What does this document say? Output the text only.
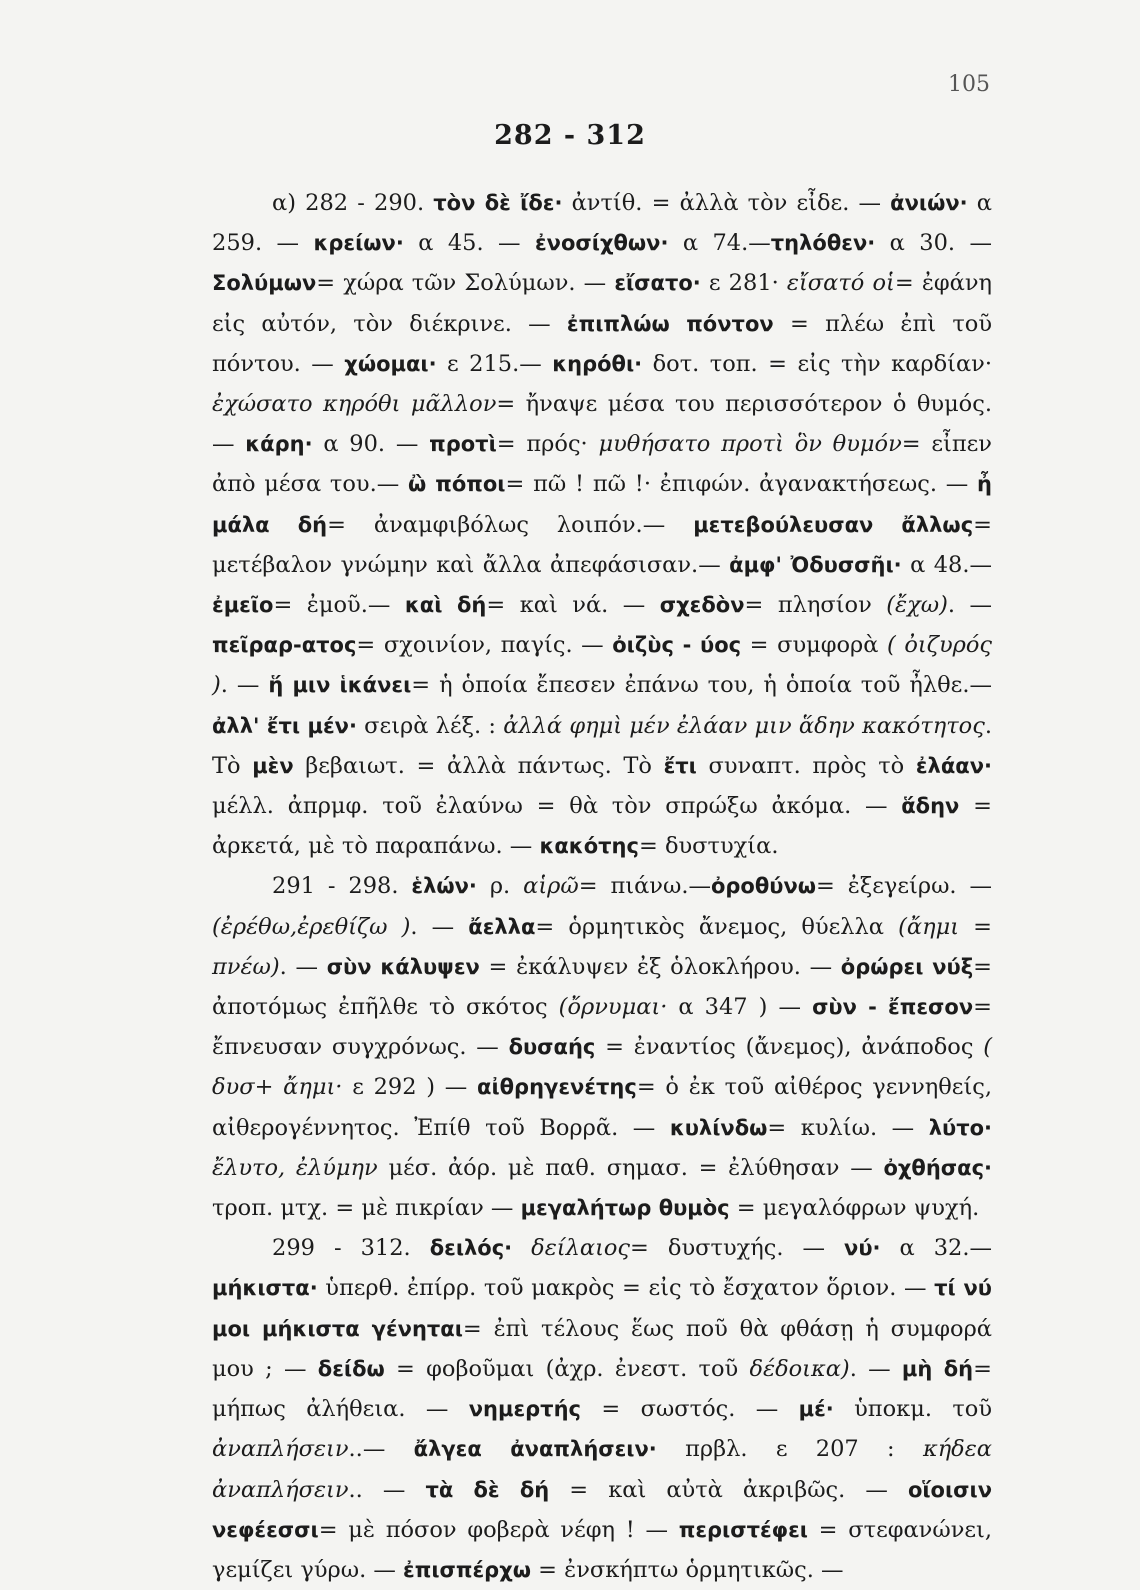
105
282 - 312

α) 282 - 290. τὸν δὲ ἴδε· ἀντίθ. = ἀλλὰ τὸν εἶδε. — ἀνιών· α 259. — κρείων· α 45. — ἐνοσίχθων· α 74.—τηλόθεν· α 30. — Σολύμων= χώρα τῶν Σολύμων. — εἴσατο· ε 281· εἴσατό οἱ= ἐφάνη εἰς αὐτόν, τὸν διέκρινε. — ἐπιπλώω πόντον = πλέω ἐπὶ τοῦ πόντου. — χώομαι· ε 215.— κηρόθι· δοτ. τοπ. = εἰς τὴν καρδίαν· ἐχώσατο κηρόθι μᾶλλον= ἤναψε μέσα του περισσότερον ὁ θυμός. — κάρη· α 90. — προτὶ= πρός· μυθήσατο προτὶ ὃν θυμόν= εἶπεν ἀπὸ μέσα του.— ὢ πόποι= πῶ ! πῶ !· ἐπιφών. ἀγανακτήσεως. — ἦ μάλα δή= ἀναμφιβόλως λοιπόν.— μετεβούλευσαν ἄλλως= μετέβαλον γνώμην καὶ ἄλλα ἀπεφάσισαν.— ἀμφ' Ὀδυσσῆι· α 48.— ἐμεῖο= ἐμοῦ.— καὶ δή= καὶ νά. — σχεδὸν= πλησίον (ἔχω). — πεῖραρ-ατος= σχοινίον, παγίς. — ὀιζὺς - ύος = συμφορὰ ( ὀιζυρός ). — ἥ μιν ἱκάνει= ἡ ὁποία ἔπεσεν ἐπάνω του, ἡ ὁποία τοῦ ἦλθε.— ἀλλ' ἔτι μέν· σειρὰ λέξ. : ἀλλά φημὶ μέν ἐλάαν μιν ἅδην κακότητος. Τὸ μὲν βεβαιωτ. = ἀλλὰ πάντως. Τὸ ἔτι συναπτ. πρὸς τὸ ἐλάαν· μέλλ. ἀπρμφ. τοῦ ἐλαύνω = θὰ τὸν σπρώξω ἀκόμα. — ἅδην = ἀρκετά, μὲ τὸ παραπάνω. — κακότης= δυστυχία.

291 - 298. ἑλών· ρ. αἱρῶ= πιάνω.—ὀροθύνω= ἐξεγείρω. — (ἐρέθω,ἐρεθίζω ). — ἄελλα= ὁρμητικὸς ἄνεμος, θύελλα (ἄημι = πνέω). — σὺν κάλυψεν = ἐκάλυψεν ἐξ ὁλοκλήρου. — ὀρώρει νύξ= ἀποτόμως ἐπῆλθε τὸ σκότος (ὄρνυμαι· α 347 ) — σὺν - ἔπεσον= ἔπνευσαν συγχρόνως. — δυσαής = ἐναντίος (ἄνεμος), ἀνάποδος ( δυσ+ ἄημι· ε 292 ) — αἰθρηγενέτης= ὁ ἐκ τοῦ αἰθέρος γεννηθείς, αἰθερογέννητος. Ἐπίθ τοῦ Βορρᾶ. — κυλίνδω= κυλίω. — λύτο· ἔλυτο, ἐλύμην μέσ. ἀόρ. μὲ παθ. σημασ. = ἐλύθησαν — ὀχθήσας· τροπ. μτχ. = μὲ πικρίαν — μεγαλήτωρ θυμὸς = μεγαλόφρων ψυχή.

299 - 312. δειλός· δείλαιος= δυστυχής. — νύ· α 32.— μήκιστα· ὑπερθ. ἐπίρρ. τοῦ μακρὸς = εἰς τὸ ἔσχατον ὅριον. — τί νύ μοι μήκιστα γένηται= ἐπὶ τέλους ἕως ποῦ θὰ φθάσῃ ἡ συμφορά μου ; — δείδω = φοβοῦμαι (ἀχρ. ἐνεστ. τοῦ δέδοικα). — μὴ δή= μήπως ἀλήθεια. — νημερτής = σωστός. — μέ· ὑποκμ. τοῦ ἀναπλήσειν..— ἄλγεα ἀναπλήσειν· πρβλ. ε 207 : κήδεα ἀναπλήσειν.. — τὰ δὲ δή = καὶ αὐτὰ ἀκριβῶς. — οἵοισιν νεφέεσσι= μὲ πόσον φοβερὰ νέφη ! — περιστέφει = στεφανώνει, γεμίζει γύρω. — ἐπισπέρχω = ἐνσκήπτω ὁρμητικῶς. —
